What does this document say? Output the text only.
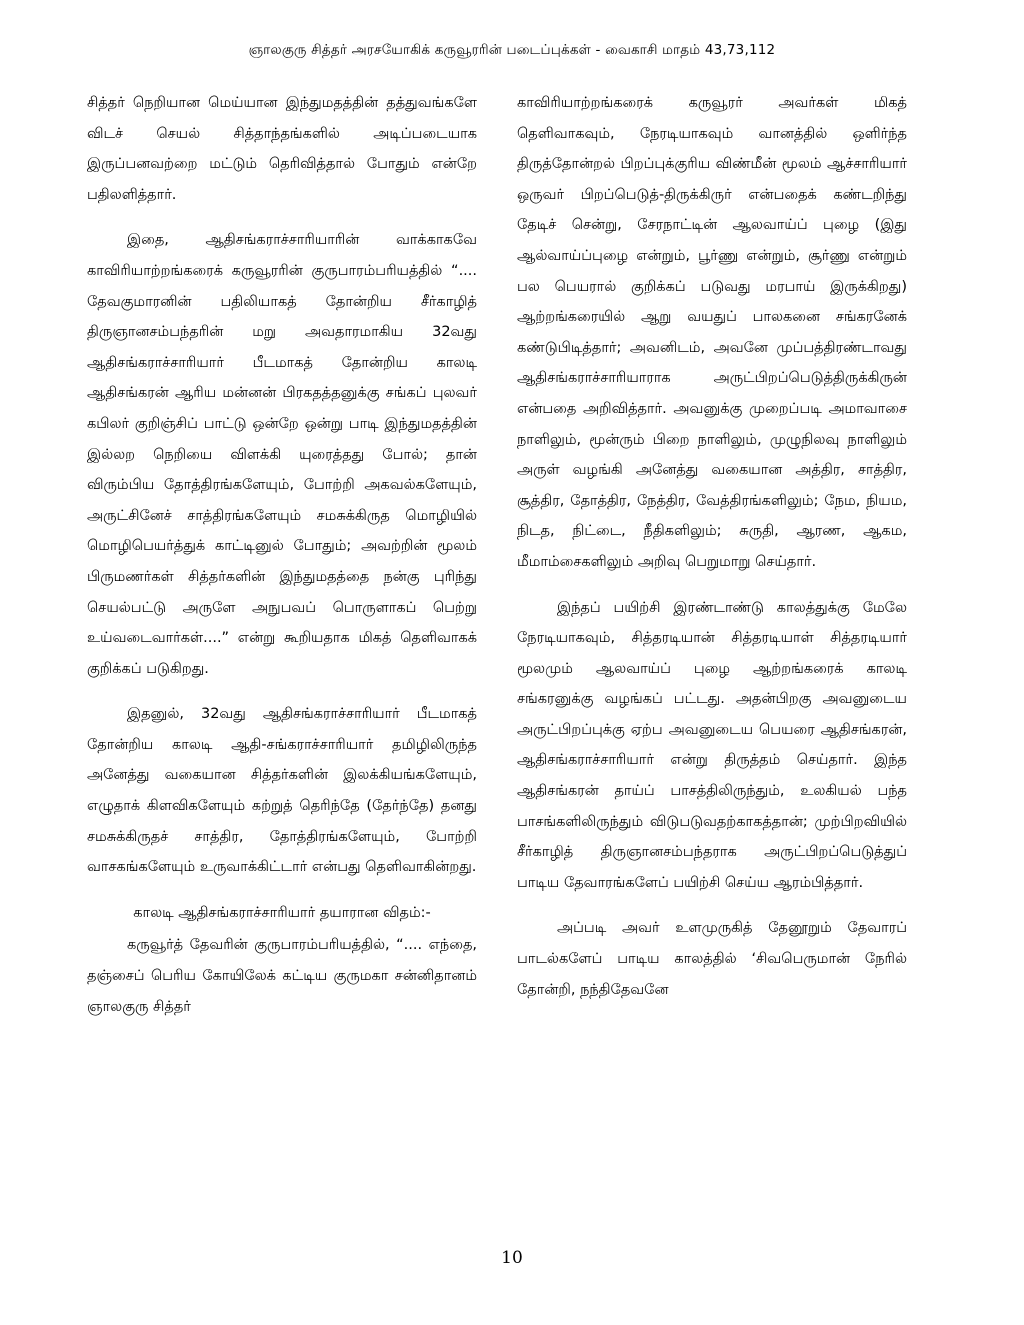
ஞாலகுரு சித்தர் அரசயோகிக் கருவூரரின் படைப்புக்கள் - வைகாசி மாதம் 43,73,112

சித்தர் நெறியான மெய்யான இந்துமதத்தின் தத்துவங்களே விடச் செயல் சித்தாந்தங்களில் அடிப்படையாக இருப்பனவற்றை மட்டும் தெரிவித்தால் போதும் என்றே பதிலளித்தார்.

இதை, ஆதிசங்கராச்சாரியாரின் வாக்காகவே காவிரியாற்றங்கரைக் கருவூரரின் குருபாரம்பரியத்தில் “.... தேவகுமாரனின் பதிலியாகத் தோன்றிய சீர்காழித் திருஞானசம்பந்தரின் மறு அவதாரமாகிய 32வது ஆதிசங்கராச்சாரியார் பீடமாகத் தோன்றிய காலடி ஆதிசங்கரன் ஆரிய மன்னன் பிரகதத்தனுக்கு சங்கப் புலவர் கபிலர் குறிஞ்சிப் பாட்டு ஒன்றே ஒன்று பாடி இந்துமதத்தின் இல்லற நெறியை விளக்கி யுரைத்தது போல்; தான் விரும்பிய தோத்திரங்களேயும், போற்றி அகவல்களேயும், அருட்சினேச் சாத்திரங்களேயும் சமசுக்கிருத மொழியில் மொழிபெயர்த்துக் காட்டினுல் போதும்; அவற்றின் மூலம் பிருமணர்கள் சித்தர்களின் இந்துமதத்தை நன்கு புரிந்து செயல்பட்டு அருளே அநுபவப் பொருளாகப் பெற்று உய்வடைவார்கள்....” என்று கூறியதாக மிகத் தெளிவாகக் குறிக்கப் படுகிறது.

இதனுல், 32வது ஆதிசங்கராச்சாரியார் பீடமாகத் தோன்றிய காலடி ஆதி-சங்கராச்சாரியார் தமிழிலிருந்த அனேத்து வகையான சித்தர்களின் இலக்கியங்களேயும், எழுதாக் கிளவிகளேயும் கற்றுத் தெரிந்தே (தேர்ந்தே) தனது சமசுக்கிருதச் சாத்திர, தோத்திரங்களேயும், போற்றி வாசகங்களேயும் உருவாக்கிட்டார் என்பது தெளிவாகின்றது.

காலடி ஆதிசங்கராச்சாரியார் தயாரான விதம்:-

கருவூர்த் தேவரின் குருபாரம்பரியத்தில், “.... எந்தை, தஞ்சைப் பெரிய கோயிலேக் கட்டிய குருமகா சன்னிதானம் ஞாலகுரு சித்தர்

காவிரியாற்றங்கரைக் கருவூரர் அவர்கள் மிகத் தெளிவாகவும், நேரடியாகவும் வானத்தில் ஒளிர்ந்த திருத்தோன்றல் பிறப்புக்குரிய விண்மீன் மூலம் ஆச்சாரியார் ஒருவர் பிறப்பெடுத்-திருக்கிருர் என்பதைக் கண்டறிந்து தேடிச் சென்று, சேரநாட்டின் ஆலவாய்ப் புழை (இது ஆல்வாய்ப்புழை என்றும், பூர்ணு என்றும், சூர்ணு என்றும் பல பெயரால் குறிக்கப் படுவது மரபாய் இருக்கிறது) ஆற்றங்கரையில் ஆறு வயதுப் பாலகனை சங்கரனேக் கண்டுபிடித்தார்; அவனிடம், அவனே முப்பத்திரண்டாவது ஆதிசங்கராச்சாரியாராக அருட்பிறப்பெடுத்திருக்கிருன் என்பதை அறிவித்தார். அவனுக்கு முறைப்படி அமாவாசை நாளிலும், மூன்ரும் பிறை நாளிலும், முழுநிலவு நாளிலும் அருள் வழங்கி அனேத்து வகையான அத்திர, சாத்திர, சூத்திர, தோத்திர, நேத்திர, வேத்திரங்களிலும்; நேம, நியம, நிடத, நிட்டை, நீதிகளிலும்; சுருதி, ஆரண, ஆகம, மீமாம்சைகளிலும் அறிவு பெறுமாறு செய்தார்.

இந்தப் பயிற்சி இரண்டாண்டு காலத்துக்கு மேலே நேரடியாகவும், சித்தரடியான் சித்தரடியாள் சித்தரடியார் மூலமும் ஆலவாய்ப் புழை ஆற்றங்கரைக் காலடி சங்கரனுக்கு வழங்கப் பட்டது. அதன்பிறகு அவனுடைய அருட்பிறப்புக்கு ஏற்ப அவனுடைய பெயரை ஆதிசங்கரன், ஆதிசங்கராச்சாரியார் என்று திருத்தம் செய்தார். இந்த ஆதிசங்கரன் தாய்ப் பாசத்திலிருந்தும், உலகியல் பந்த பாசங்களிலிருந்தும் விடுபடுவதற்காகத்தான்; முற்பிறவியில் சீர்காழித் திருஞானசம்பந்தராக அருட்பிறப்பெடுத்துப் பாடிய தேவாரங்களேப் பயிற்சி செய்ய ஆரம்பித்தார்.

அப்படி அவர் உளமுருகித் தேனூறும் தேவாரப் பாடல்களேப் பாடிய காலத்தில் ‘சிவபெருமான் நேரில் தோன்றி, நந்திதேவனே

10
